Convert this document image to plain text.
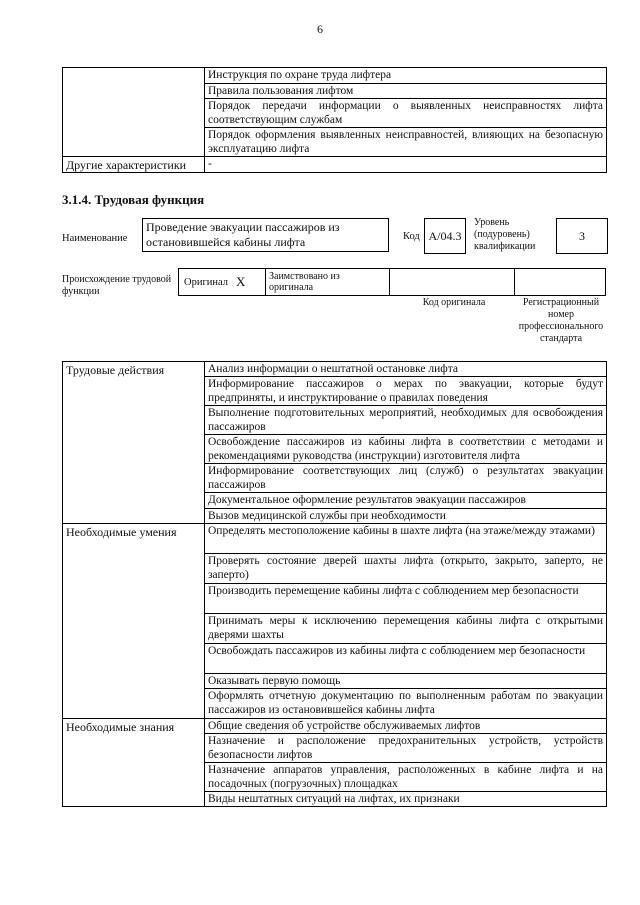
6
	Инструкция по охране труда лифтера
	Правила пользования лифтом
	Порядок передачи информации о выявленных неисправностях лифта соответствующим службам
	Порядок оформления выявленных неисправностей, влияющих на безопасную эксплуатацию лифта
Другие характеристики	-
3.1.4. Трудовая функция
Наименование
Проведение эвакуации пассажиров из остановившейся кабины лифта	Код A/04.3
Уровень (подуровень) квалификации
3
Происхождение трудовой функции
Оригинал X	Заимствовано из оригинала
Код оригинала	Регистрационный номер профессионального стандарта
Трудовые действия	Анализ информации о нештатной остановке лифта
	Информирование пассажиров о мерах по эвакуации, которые будут предприняты, и инструктирование о правилах поведения
	Выполнение подготовительных мероприятий, необходимых для освобождения пассажиров
	Освобождение пассажиров из кабины лифта в соответствии с методами и рекомендациями руководства (инструкции) изготовителя лифта
	Информирование соответствующих лиц (служб) о результатах эвакуации пассажиров
	Документальное оформление результатов эвакуации пассажиров
	Вызов медицинской службы при необходимости
Необходимые умения	Определять местоположение кабины в шахте лифта (на этаже/между этажами)
	Проверять состояние дверей шахты лифта (открыто, закрыто, заперто, не заперто)
	Производить перемещение кабины лифта с соблюдением мер безопасности
	Принимать меры к исключению перемещения кабины лифта с открытыми дверями шахты
	Освобождать пассажиров из кабины лифта с соблюдением мер безопасности
	Оказывать первую помощь
	Оформлять отчетную документацию по выполненным работам по эвакуации пассажиров из остановившейся кабины лифта
Необходимые знания	Общие сведения об устройстве обслуживаемых лифтов
	Назначение и расположение предохранительных устройств, устройств безопасности лифтов
	Назначение аппаратов управления, расположенных в кабине лифта и на посадочных (погрузочных) площадках
	Виды нештатных ситуаций на лифтах, их признаки
